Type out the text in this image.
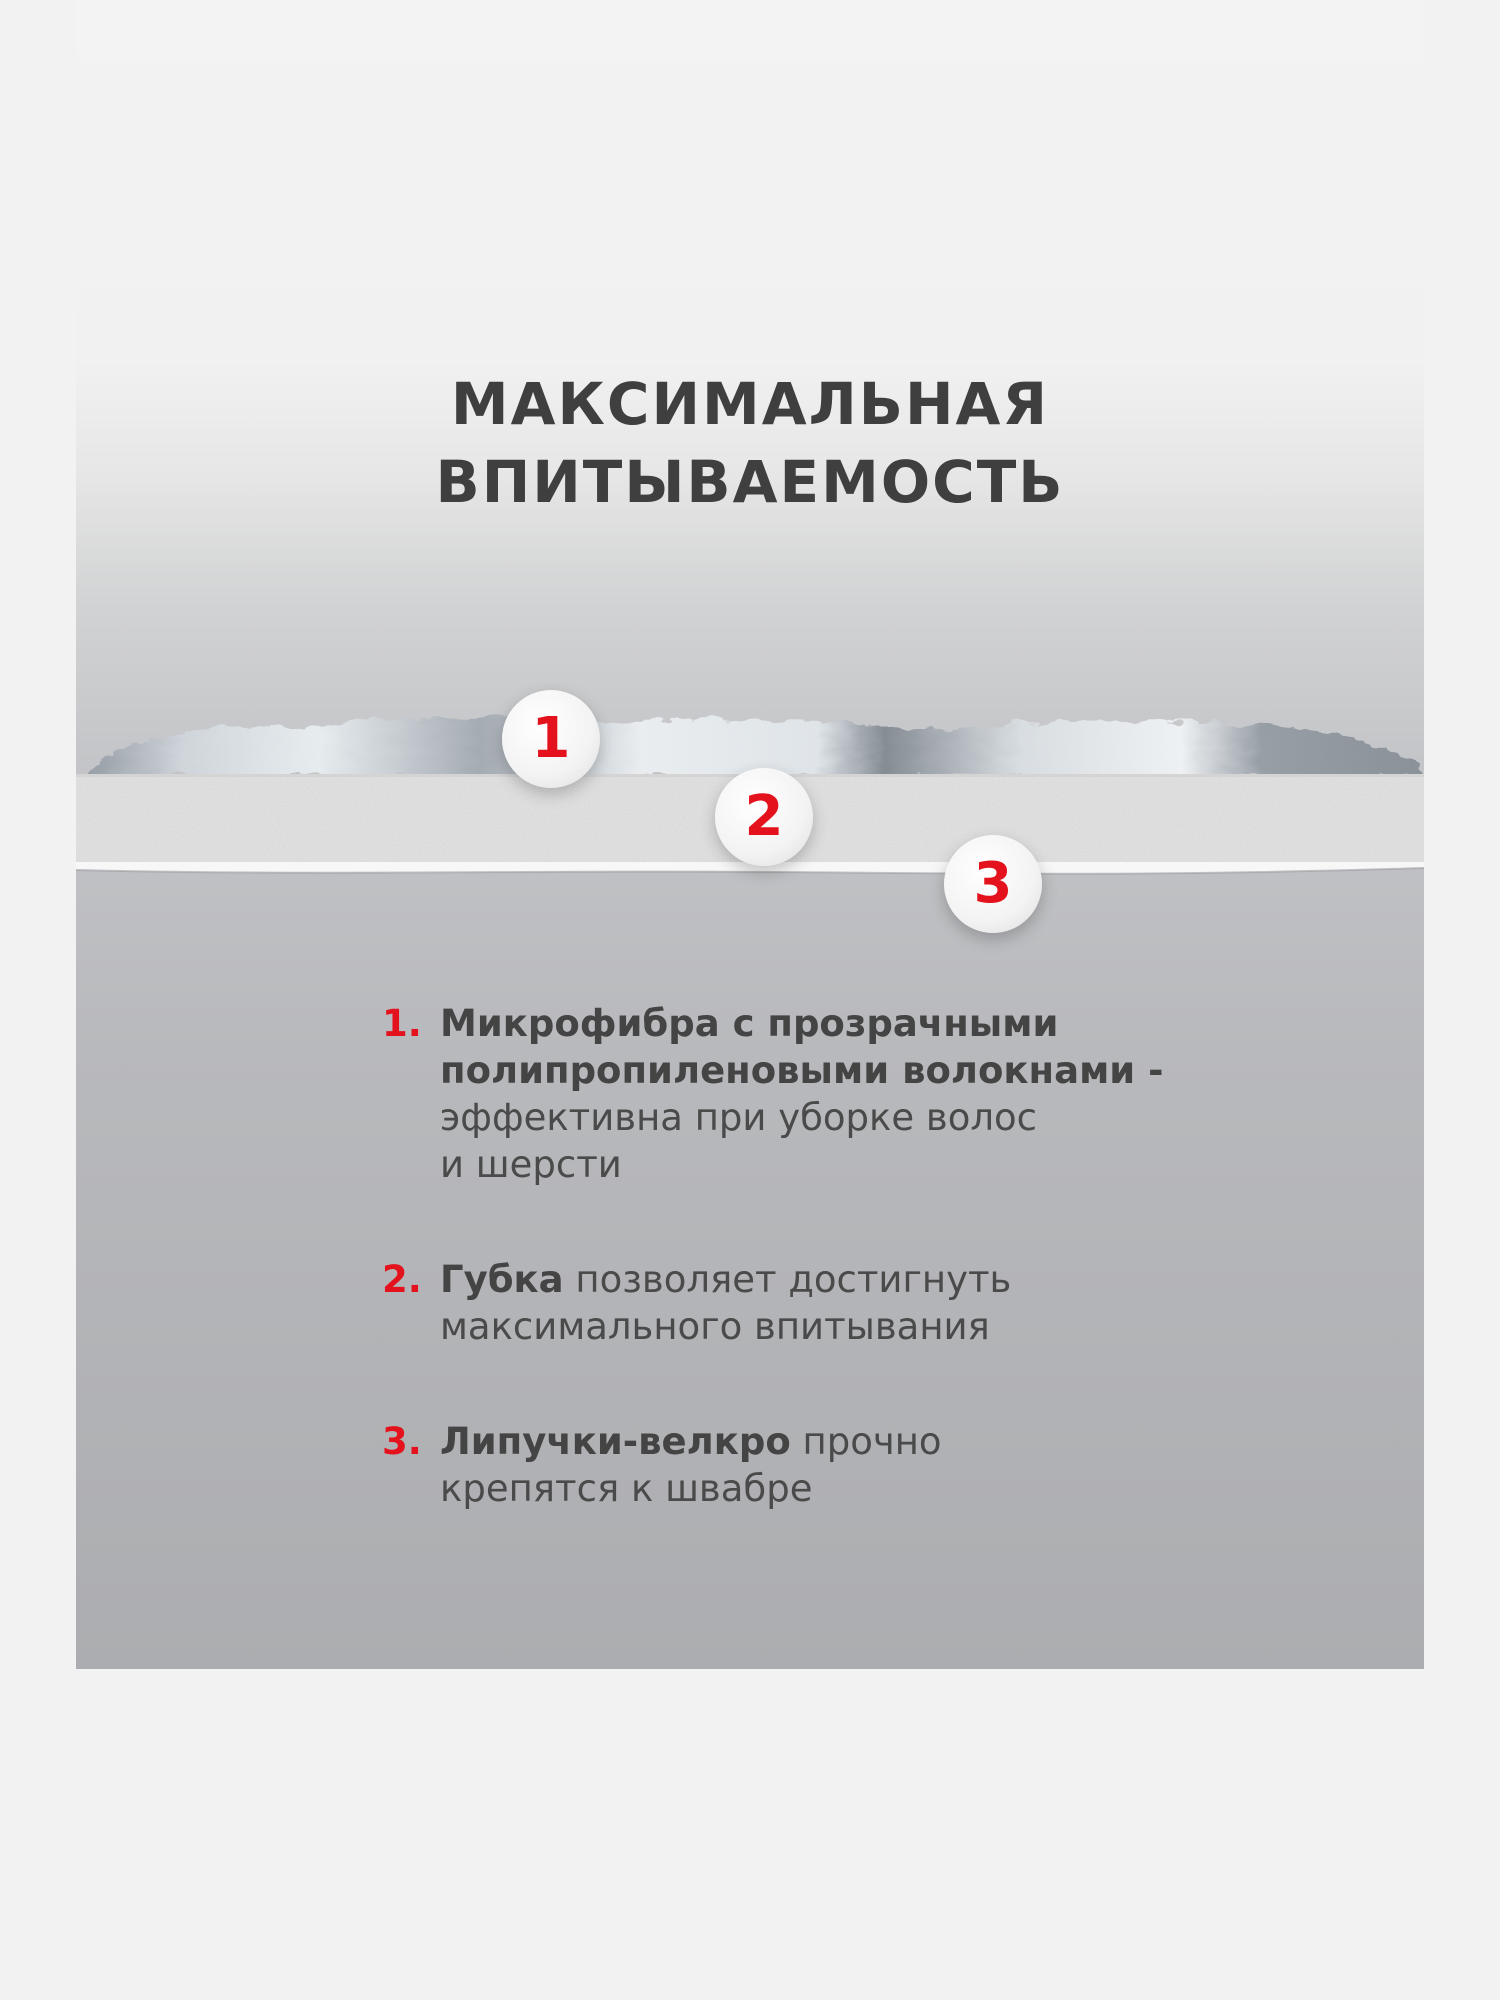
МАКСИМАЛЬНАЯ
ВПИТЫВАЕМОСТЬ
1
2
3
1. Микрофибра с прозрачными
полипропиленовыми волокнами -
эффективна при уборке волос
и шерсти
2. Губка позволяет достигнуть
максимального впитывания
3. Липучки-велкро прочно
крепятся к швабре
